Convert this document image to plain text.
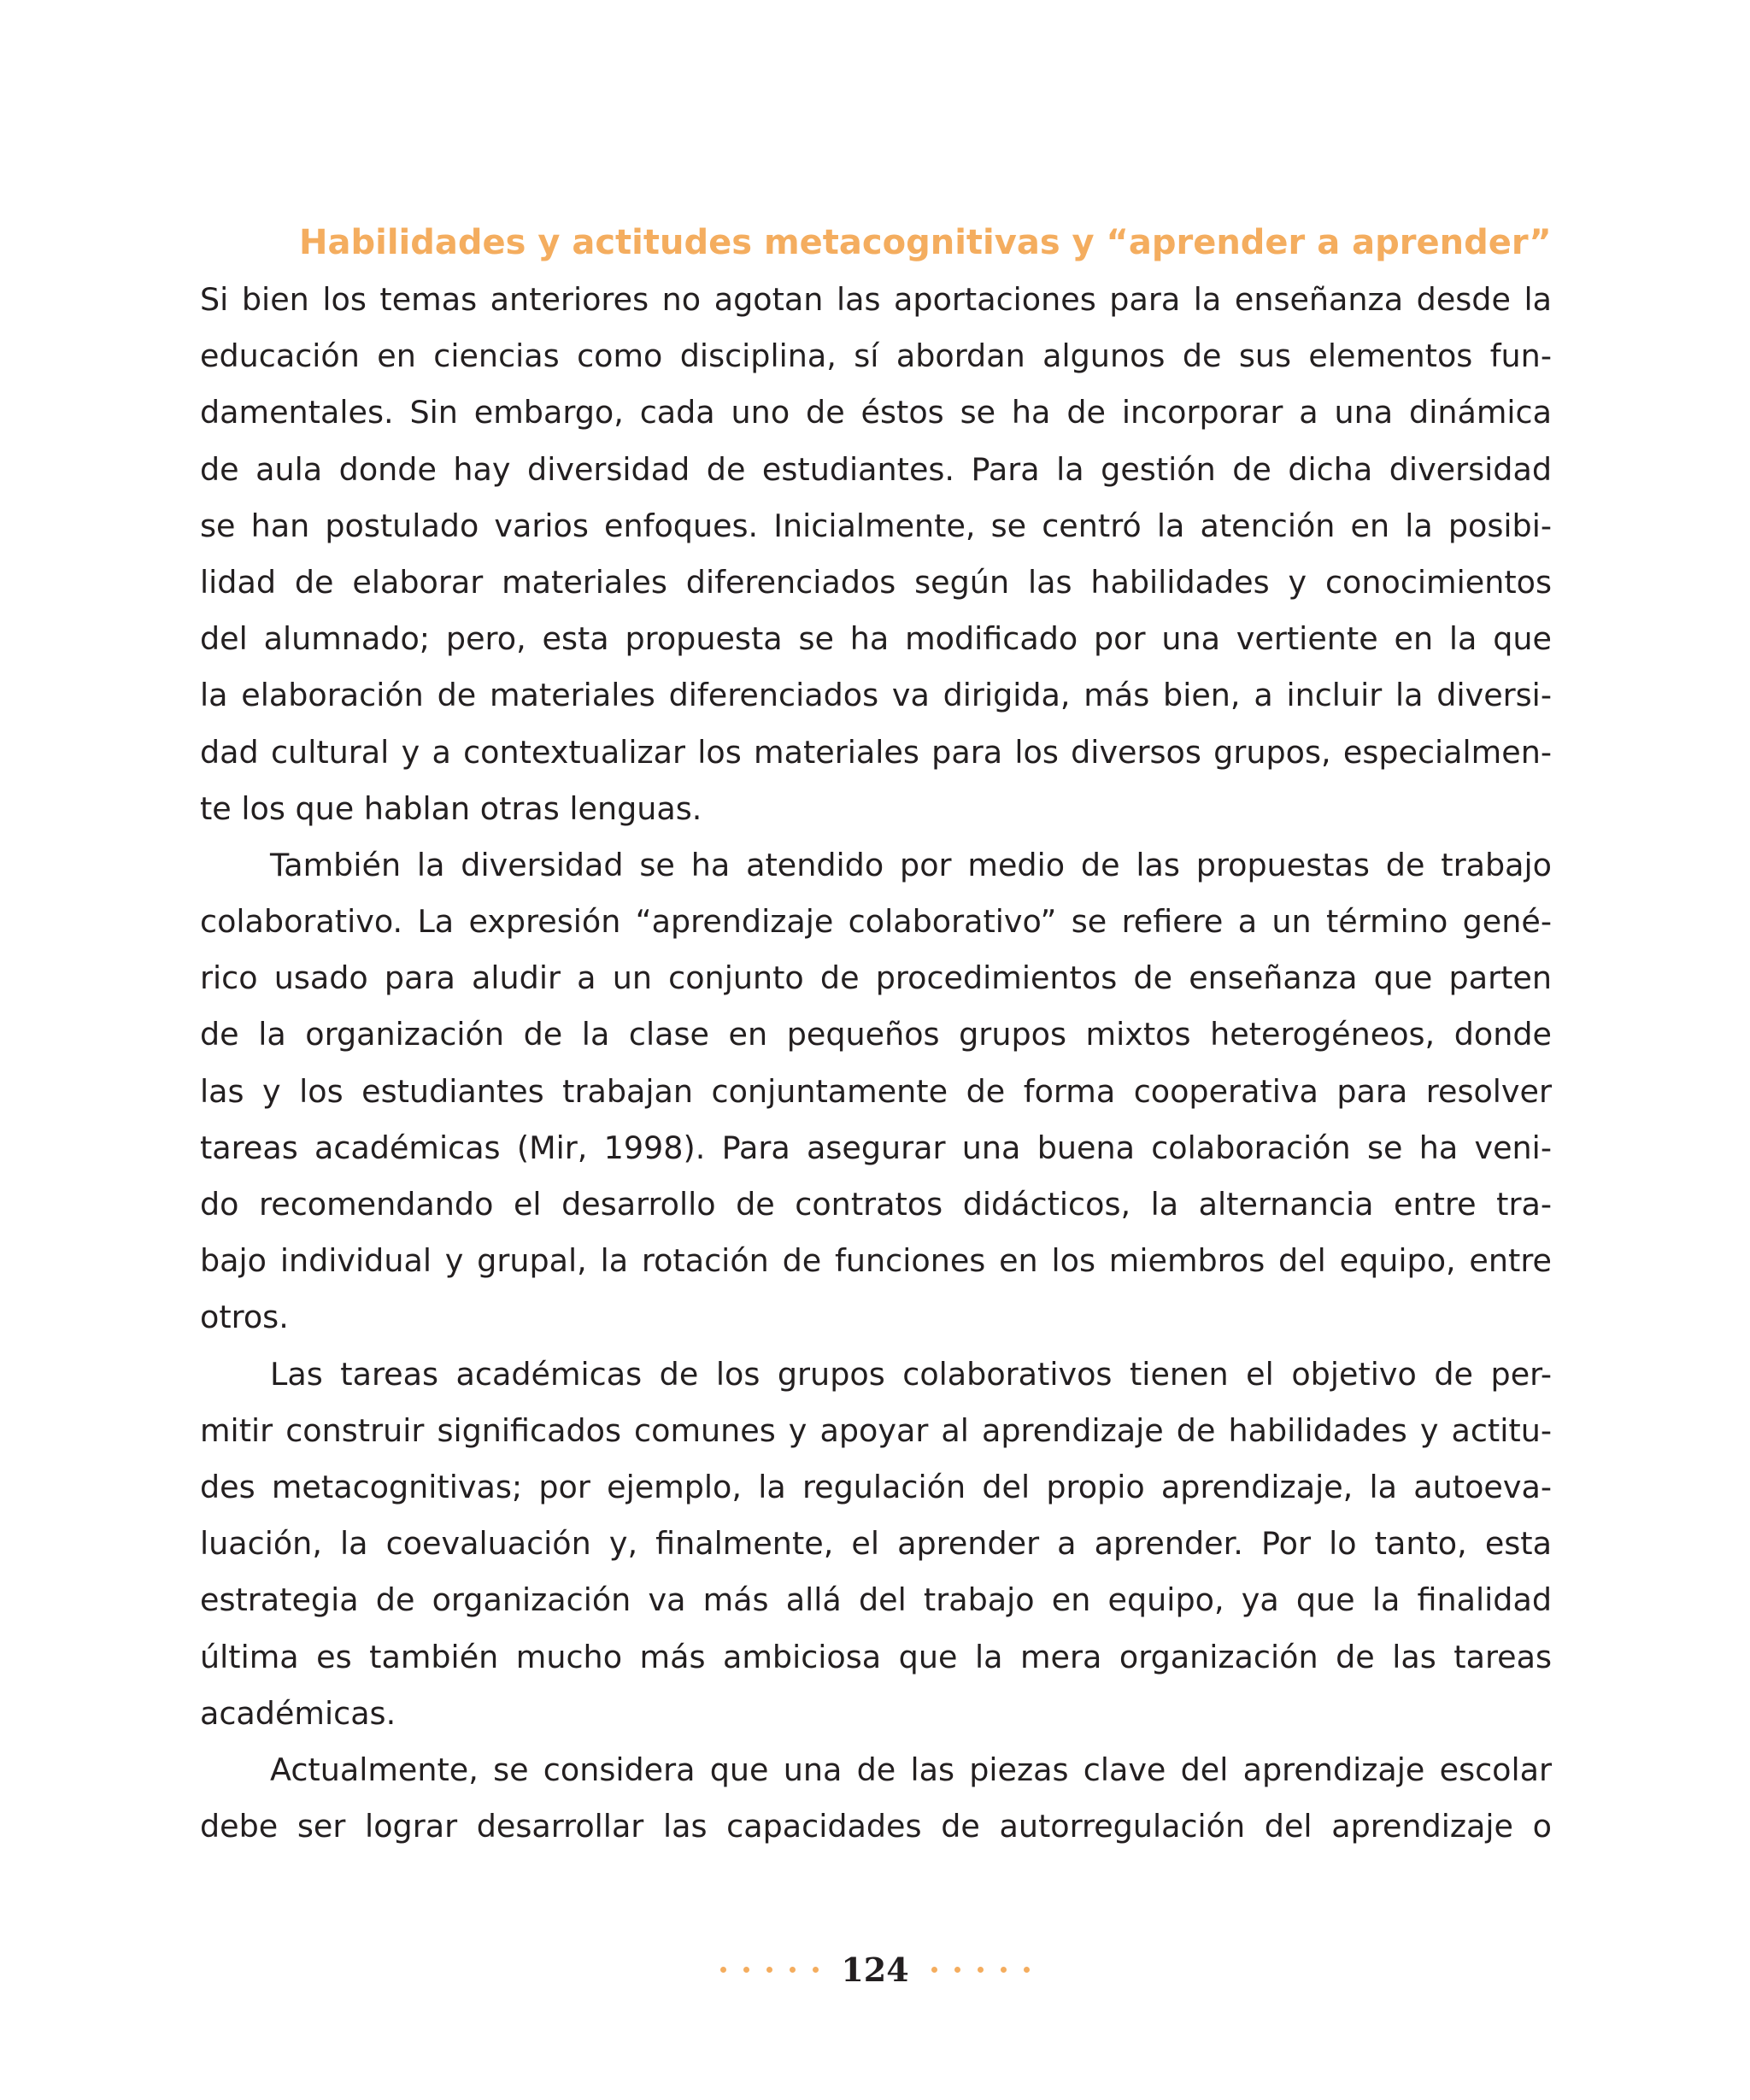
Habilidades y actitudes metacognitivas y “aprender a aprender”
Si bien los temas anteriores no agotan las aportaciones para la enseñanza desde la
educación en ciencias como disciplina, sí abordan algunos de sus elementos fun-
damentales. Sin embargo, cada uno de éstos se ha de incorporar a una dinámica
de aula donde hay diversidad de estudiantes. Para la gestión de dicha diversidad
se han postulado varios enfoques. Inicialmente, se centró la atención en la posibi-
lidad de elaborar materiales diferenciados según las habilidades y conocimientos
del alumnado; pero, esta propuesta se ha modificado por una vertiente en la que
la elaboración de materiales diferenciados va dirigida, más bien, a incluir la diversi-
dad cultural y a contextualizar los materiales para los diversos grupos, especialmen-
te los que hablan otras lenguas.
También la diversidad se ha atendido por medio de las propuestas de trabajo
colaborativo. La expresión “aprendizaje colaborativo” se refiere a un término gené-
rico usado para aludir a un conjunto de procedimientos de enseñanza que parten
de la organización de la clase en pequeños grupos mixtos heterogéneos, donde
las y los estudiantes trabajan conjuntamente de forma cooperativa para resolver
tareas académicas (Mir, 1998). Para asegurar una buena colaboración se ha veni-
do recomendando el desarrollo de contratos didácticos, la alternancia entre tra-
bajo individual y grupal, la rotación de funciones en los miembros del equipo, entre
otros.
Las tareas académicas de los grupos colaborativos tienen el objetivo de per-
mitir construir significados comunes y apoyar al aprendizaje de habilidades y actitu-
des metacognitivas; por ejemplo, la regulación del propio aprendizaje, la autoeva-
luación, la coevaluación y, finalmente, el aprender a aprender. Por lo tanto, esta
estrategia de organización va más allá del trabajo en equipo, ya que la finalidad
última es también mucho más ambiciosa que la mera organización de las tareas
académicas.
Actualmente, se considera que una de las piezas clave del aprendizaje escolar
debe ser lograr desarrollar las capacidades de autorregulación del aprendizaje o
124
